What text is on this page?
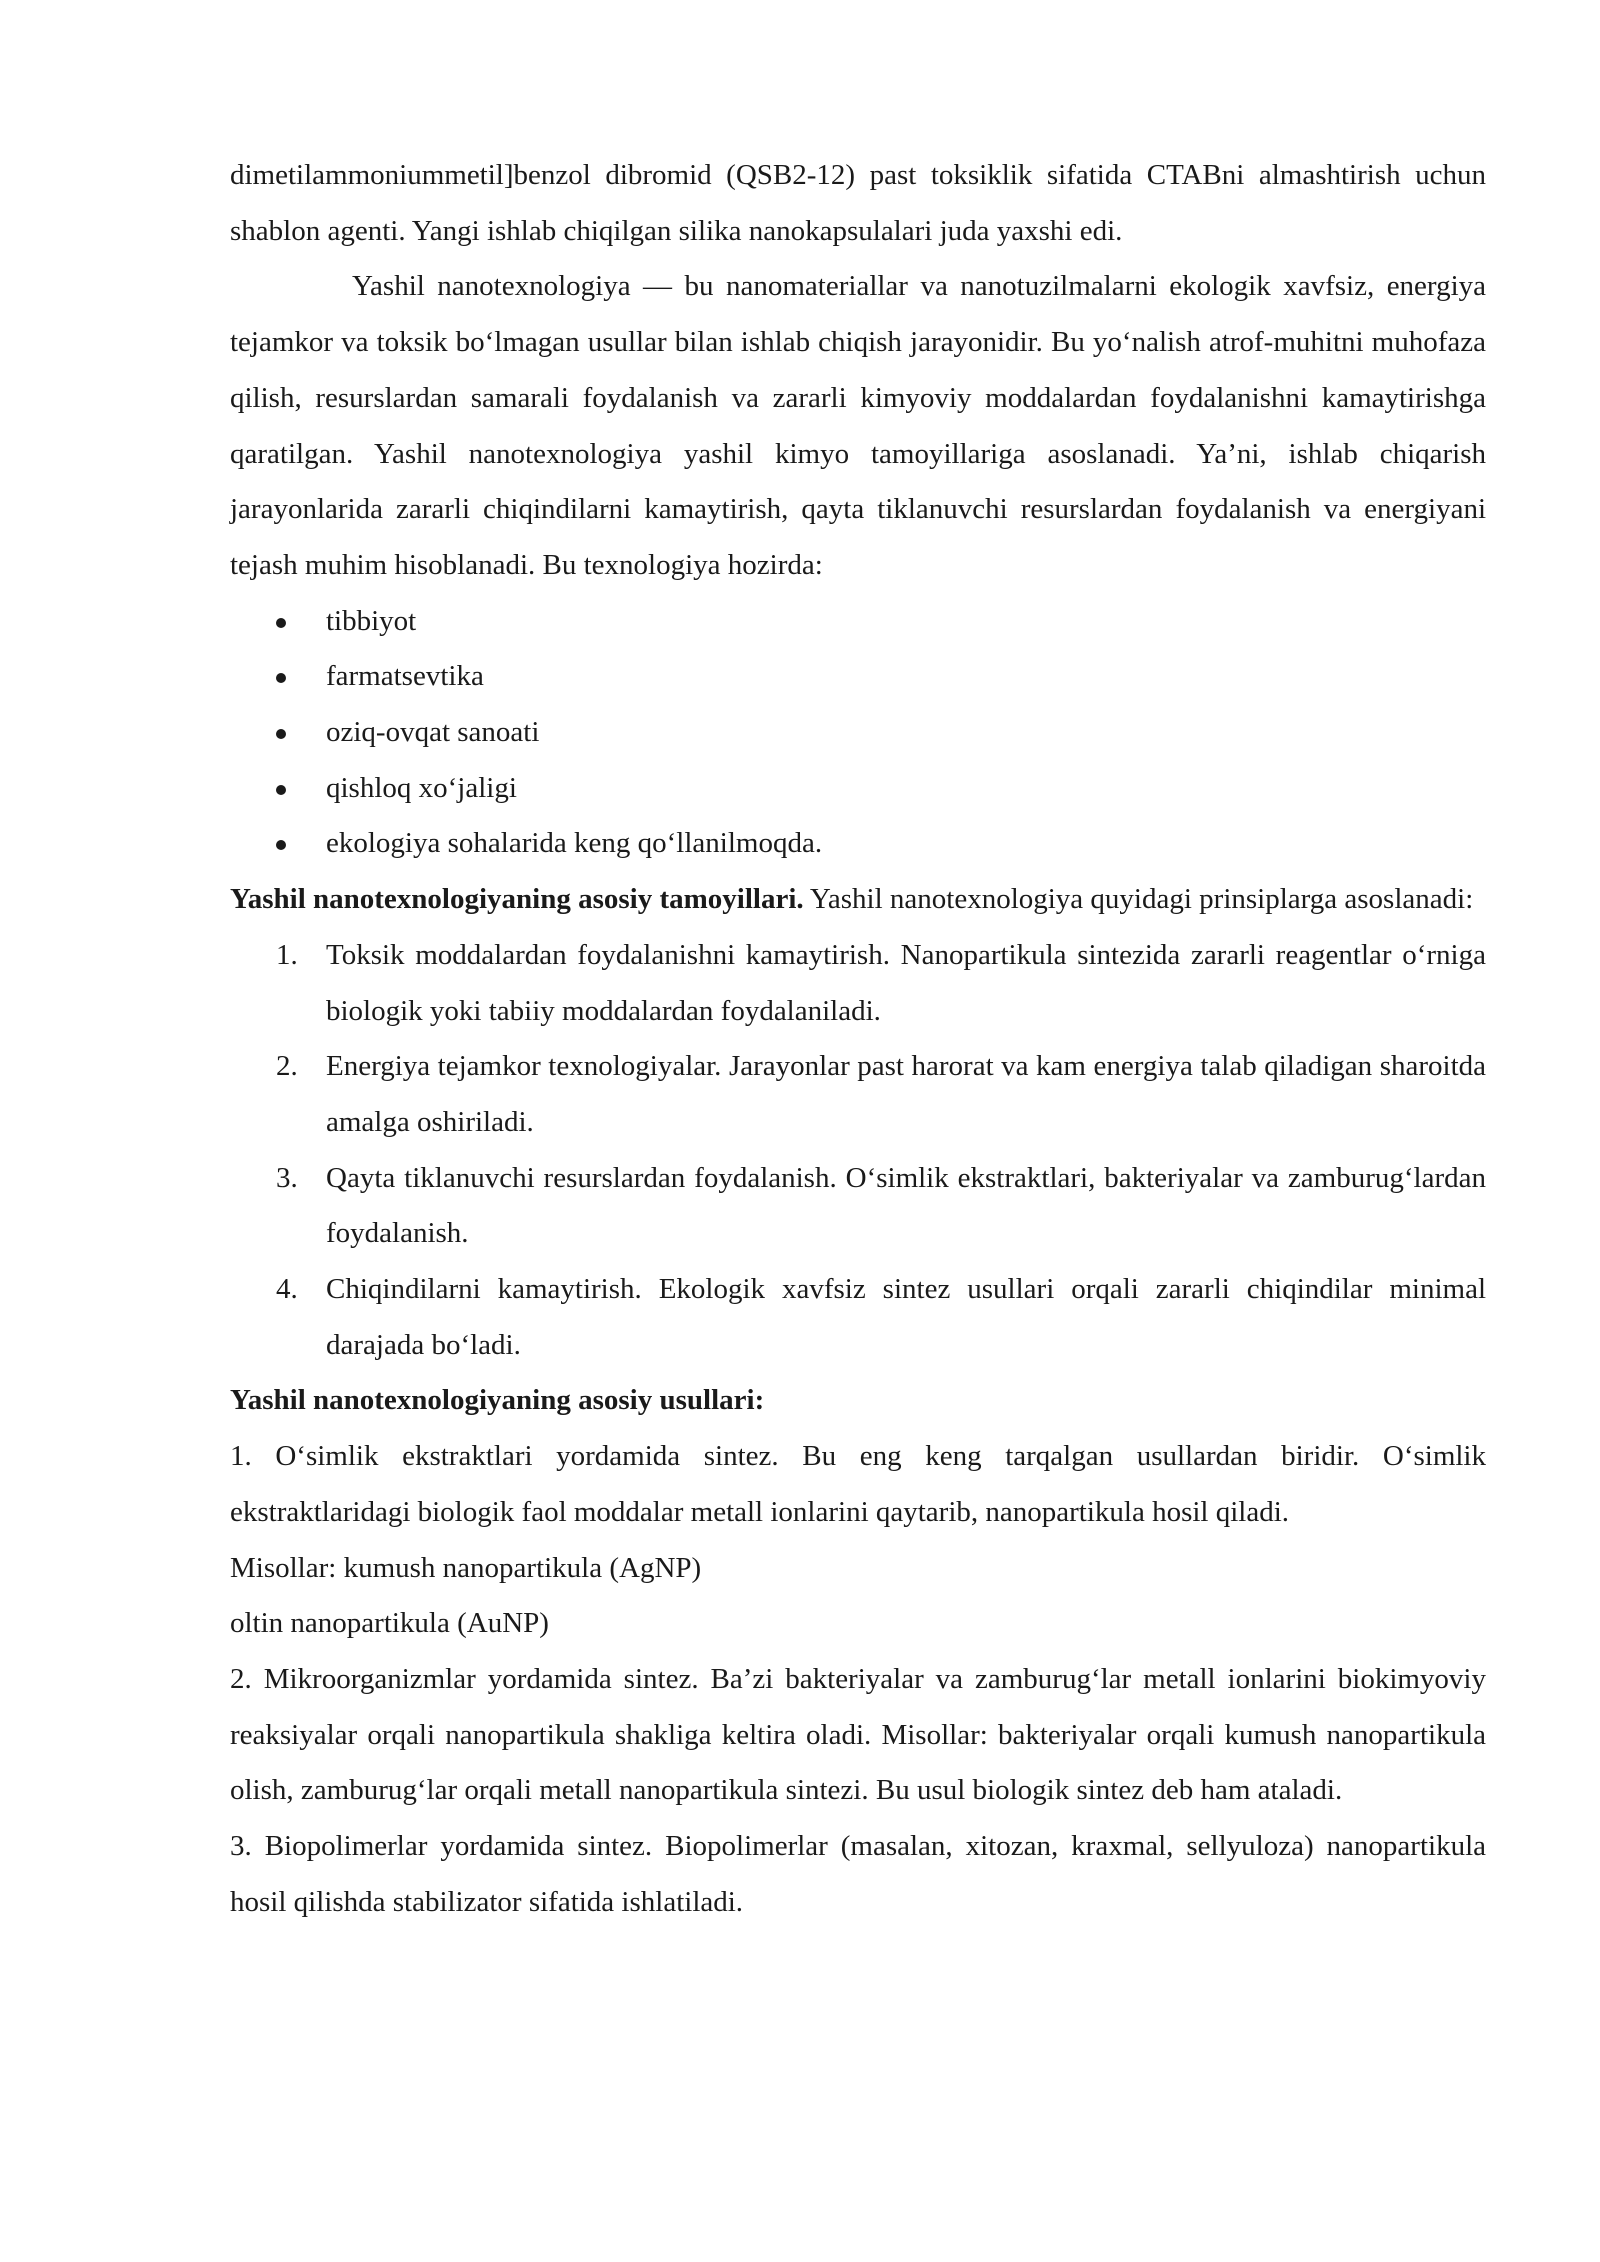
dimetilammoniummetil]benzol dibromid (QSB2-12) past toksiklik sifatida CTABni almashtirish uchun shablon agenti. Yangi ishlab chiqilgan silika nanokapsulalari juda yaxshi edi.

Yashil nanotexnologiya — bu nanomateriallar va nanotuzilmalarni ekologik xavfsiz, energiya tejamkor va toksik bo‘lmagan usullar bilan ishlab chiqish jarayonidir. Bu yo‘nalish atrof-muhitni muhofaza qilish, resurslardan samarali foydalanish va zararli kimyoviy moddalardan foydalanishni kamaytirishga qaratilgan. Yashil nanotexnologiya yashil kimyo tamoyillariga asoslanadi. Ya’ni, ishlab chiqarish jarayonlarida zararli chiqindilarni kamaytirish, qayta tiklanuvchi resurslardan foydalanish va energiyani tejash muhim hisoblanadi. Bu texnologiya hozirda:

tibbiyot
farmatsevtika
oziq-ovqat sanoati
qishloq xo‘jaligi
ekologiya sohalarida keng qo‘llanilmoqda.

Yashil nanotexnologiyaning asosiy tamoyillari. Yashil nanotexnologiya quyidagi prinsiplarga asoslanadi:

1. Toksik moddalardan foydalanishni kamaytirish. Nanopartikula sintezida zararli reagentlar o‘rniga biologik yoki tabiiy moddalardan foydalaniladi.
2. Energiya tejamkor texnologiyalar. Jarayonlar past harorat va kam energiya talab qiladigan sharoitda amalga oshiriladi.
3. Qayta tiklanuvchi resurslardan foydalanish. O‘simlik ekstraktlari, bakteriyalar va zamburug‘lardan foydalanish.
4. Chiqindilarni kamaytirish. Ekologik xavfsiz sintez usullari orqali zararli chiqindilar minimal darajada bo‘ladi.

Yashil nanotexnologiyaning asosiy usullari:

1. O‘simlik ekstraktlari yordamida sintez. Bu eng keng tarqalgan usullardan biridir. O‘simlik ekstraktlaridagi biologik faol moddalar metall ionlarini qaytarib, nanopartikula hosil qiladi.

Misollar: kumush nanopartikula (AgNP)

oltin nanopartikula (AuNP)

2. Mikroorganizmlar yordamida sintez. Ba’zi bakteriyalar va zamburug‘lar metall ionlarini biokimyoviy reaksiyalar orqali nanopartikula shakliga keltira oladi. Misollar: bakteriyalar orqali kumush nanopartikula olish, zamburug‘lar orqali metall nanopartikula sintezi. Bu usul biologik sintez deb ham ataladi.

3. Biopolimerlar yordamida sintez. Biopolimerlar (masalan, xitozan, kraxmal, sellyuloza) nanopartikula hosil qilishda stabilizator sifatida ishlatiladi.
